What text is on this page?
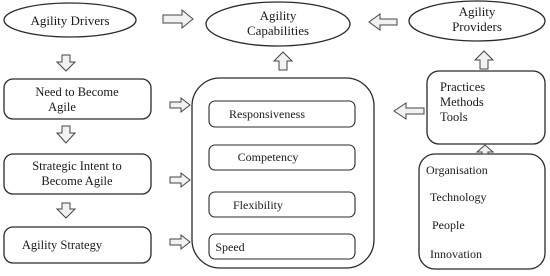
Agility Drivers	Agility
Capabilities
Agility
Providers
Need to Become
Agile
Strategic Intent to
Become Agile
Agility Strategy
Responsiveness
Competency
Flexibility
Speed
Practices
Methods
Tools
Organisation
Technology
People
Innovation
